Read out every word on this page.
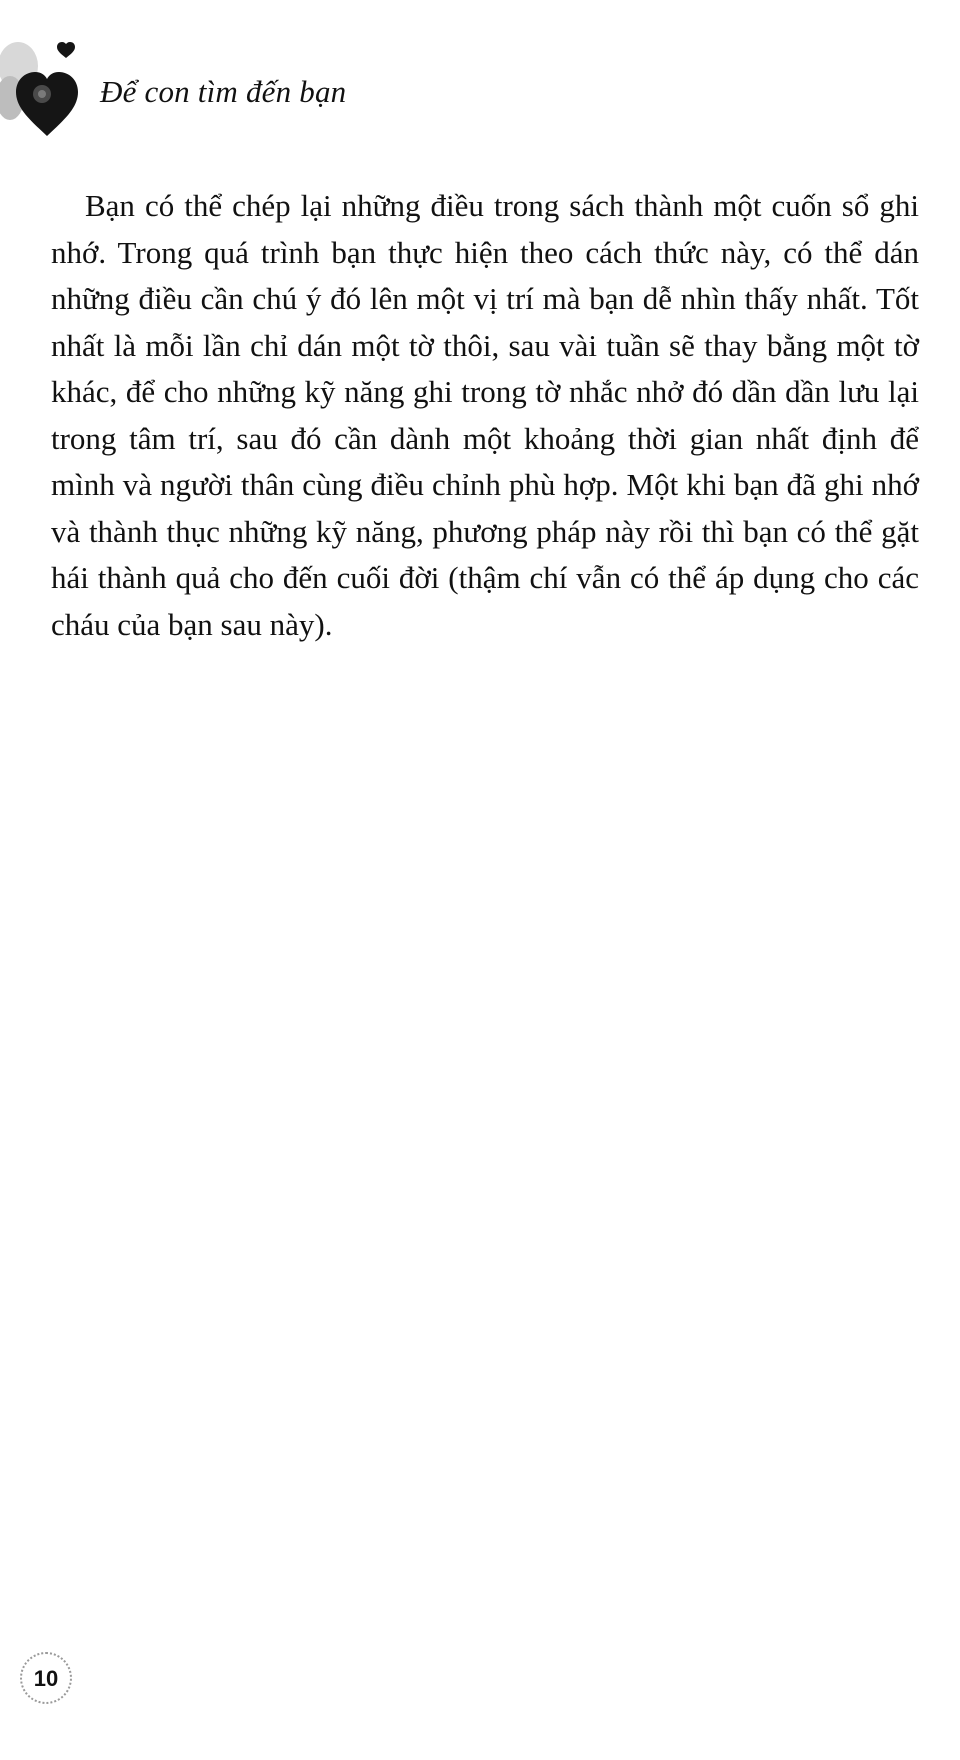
Để con tìm đến bạn

Bạn có thể chép lại những điều trong sách thành một cuốn sổ ghi nhớ. Trong quá trình bạn thực hiện theo cách thức này, có thể dán những điều cần chú ý đó lên một vị trí mà bạn dễ nhìn thấy nhất. Tốt nhất là mỗi lần chỉ dán một tờ thôi, sau vài tuần sẽ thay bằng một tờ khác, để cho những kỹ năng ghi trong tờ nhắc nhở đó dần dần lưu lại trong tâm trí, sau đó cần dành một khoảng thời gian nhất định để mình và người thân cùng điều chỉnh phù hợp. Một khi bạn đã ghi nhớ và thành thục những kỹ năng, phương pháp này rồi thì bạn có thể gặt hái thành quả cho đến cuối đời (thậm chí vẫn có thể áp dụng cho các cháu của bạn sau này).

10
